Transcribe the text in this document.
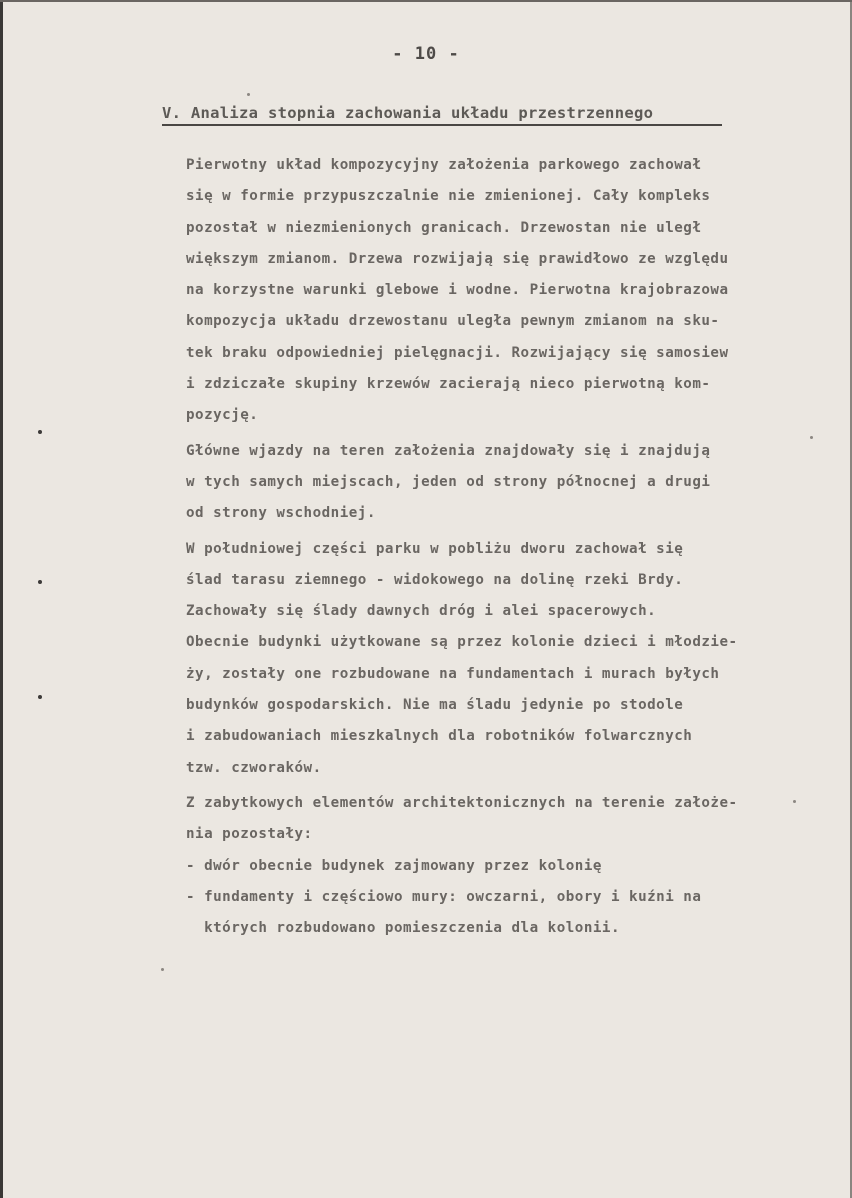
- 10 -
V. Analiza stopnia zachowania układu przestrzennego
Pierwotny układ kompozycyjny założenia parkowego zachował
się w formie przypuszczalnie nie zmienionej. Cały kompleks
pozostał w niezmienionych granicach. Drzewostan nie uległ
większym zmianom. Drzewa rozwijają się prawidłowo ze względu
na korzystne warunki glebowe i wodne. Pierwotna krajobrazowa
kompozycja układu drzewostanu uległa pewnym zmianom na sku-
tek braku odpowiedniej pielęgnacji. Rozwijający się samosiew
i zdziczałe skupiny krzewów zacierają nieco pierwotną kom-
pozycję.
Główne wjazdy na teren założenia znajdowały się i znajdują
w tych samych miejscach, jeden od strony północnej a drugi
od strony wschodniej.
W południowej części parku w pobliżu dworu zachował się
ślad tarasu ziemnego - widokowego na dolinę rzeki Brdy.
Zachowały się ślady dawnych dróg i alei spacerowych.
Obecnie budynki użytkowane są przez kolonie dzieci i młodzie-
ży, zostały one rozbudowane na fundamentach i murach byłych
budynków gospodarskich. Nie ma śladu jedynie po stodole
i zabudowaniach mieszkalnych dla robotników folwarcznych
tzw. czworaków.
Z zabytkowych elementów architektonicznych na terenie założe-
nia pozostały:
- dwór obecnie budynek zajmowany przez kolonię
- fundamenty i częściowo mury: owczarni, obory i kuźni na
których rozbudowano pomieszczenia dla kolonii.
